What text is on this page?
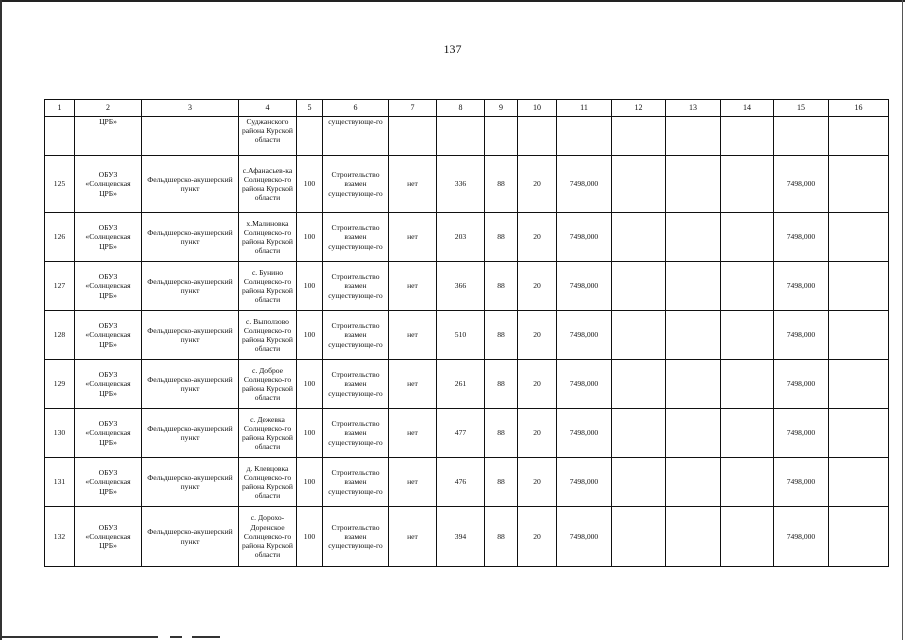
137
1	2	3	4	5	6	7	8	9	10	11	12	13	14	15	16
	ЦРБ»		Суджанского района Курской области		существующе-го										
125	ОБУЗ «Солнцевская ЦРБ»	Фельдшерско-акушерский пункт	с.Афанасьев-ка Солнцевско-го района Курской области	100	Строительство взамен существующе-го	нет	336	88	20	7498,000				7498,000	
126	ОБУЗ «Солнцевская ЦРБ»	Фельдшерско-акушерский пункт	х.Малиновка Солнцевско-го района Курской области	100	Строительство взамен существующе-го	нет	203	88	20	7498,000				7498,000	
127	ОБУЗ «Солнцевская ЦРБ»	Фельдшерско-акушерский пункт	с. Бунино Солнцевско-го района Курской области	100	Строительство взамен существующе-го	нет	366	88	20	7498,000				7498,000	
128	ОБУЗ «Солнцевская ЦРБ»	Фельдшерско-акушерский пункт	с. Выползово Солнцевско-го района Курской области	100	Строительство взамен существующе-го	нет	510	88	20	7498,000				7498,000	
129	ОБУЗ «Солнцевская ЦРБ»	Фельдшерско-акушерский пункт	с. Доброе Солнцевско-го района Курской области	100	Строительство взамен существующе-го	нет	261	88	20	7498,000				7498,000	
130	ОБУЗ «Солнцевская ЦРБ»	Фельдшерско-акушерский пункт	с. Дежевка Солнцевско-го района Курской области	100	Строительство взамен существующе-го	нет	477	88	20	7498,000				7498,000	
131	ОБУЗ «Солнцевская ЦРБ»	Фельдшерско-акушерский пункт	д. Клевцовка Солнцевско-го района Курской области	100	Строительство взамен существующе-го	нет	476	88	20	7498,000				7498,000	
132	ОБУЗ «Солнцевская ЦРБ»	Фельдшерско-акушерский пункт	с. Дорохо-Доренское Солнцевско-го района Курской области	100	Строительство взамен существующе-го	нет	394	88	20	7498,000				7498,000	
